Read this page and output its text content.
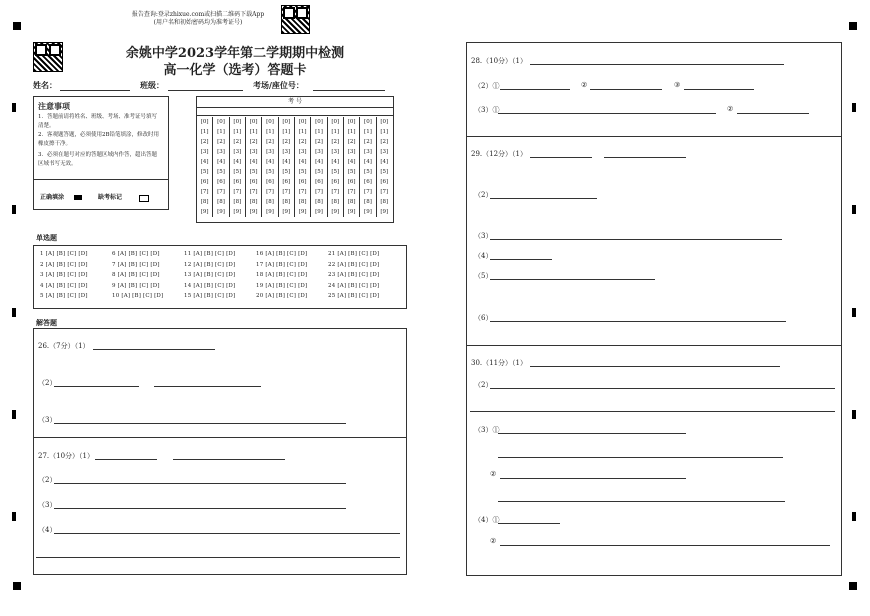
报告查询:登录zhixue.com或扫描二维码下载App
(用户名和初始密码均为准考证号)
余姚中学2023学年第二学期期中检测
高一化学（选考）答题卡
姓名：	班级：	考场/座位号：
注意事项
1．答题前请将姓名、班级、考场、准考证号填写清楚。
2．客观题答题，必须使用2B铅笔填涂，修改时用橡皮擦干净。
3．必须在题号对应的答题区域内作答，超出答题区域书写无效。
正确填涂	缺考标记
考 号
[0]	[0]	[0]	[0]	[0]	[0]	[0]	[0]	[0]	[0]	[0]	[0]
[1]	[1]	[1]	[1]	[1]	[1]	[1]	[1]	[1]	[1]	[1]	[1]
[2]	[2]	[2]	[2]	[2]	[2]	[2]	[2]	[2]	[2]	[2]	[2]
[3]	[3]	[3]	[3]	[3]	[3]	[3]	[3]	[3]	[3]	[3]	[3]
[4]	[4]	[4]	[4]	[4]	[4]	[4]	[4]	[4]	[4]	[4]	[4]
[5]	[5]	[5]	[5]	[5]	[5]	[5]	[5]	[5]	[5]	[5]	[5]
[6]	[6]	[6]	[6]	[6]	[6]	[6]	[6]	[6]	[6]	[6]	[6]
[7]	[7]	[7]	[7]	[7]	[7]	[7]	[7]	[7]	[7]	[7]	[7]
[8]	[8]	[8]	[8]	[8]	[8]	[8]	[8]	[8]	[8]	[8]	[8]
[9]	[9]	[9]	[9]	[9]	[9]	[9]	[9]	[9]	[9]	[9]	[9]
单选题
1 [A] [B] [C] [D]
2 [A] [B] [C] [D]
3 [A] [B] [C] [D]
4 [A] [B] [C] [D]
5 [A] [B] [C] [D]
6 [A] [B] [C] [D]
7 [A] [B] [C] [D]
8 [A] [B] [C] [D]
9 [A] [B] [C] [D]
10 [A] [B] [C] [D]
11 [A] [B] [C] [D]
12 [A] [B] [C] [D]
13 [A] [B] [C] [D]
14 [A] [B] [C] [D]
15 [A] [B] [C] [D]
16 [A] [B] [C] [D]
17 [A] [B] [C] [D]
18 [A] [B] [C] [D]
19 [A] [B] [C] [D]
20 [A] [B] [C] [D]
21 [A] [B] [C] [D]
22 [A] [B] [C] [D]
23 [A] [B] [C] [D]
24 [A] [B] [C] [D]
25 [A] [B] [C] [D]
解答题
26.（7分）（1）
（2）
（3）
27.（10分）（1）
（2）
（3）
（4）
28.（10分）（1）
（2）①	②	③
（3）①	②
29.（12分）（1）
（2）
（3）
（4）
（5）
（6）
30.（11分）（1）
（2）
（3）①
②
（4）①
②
